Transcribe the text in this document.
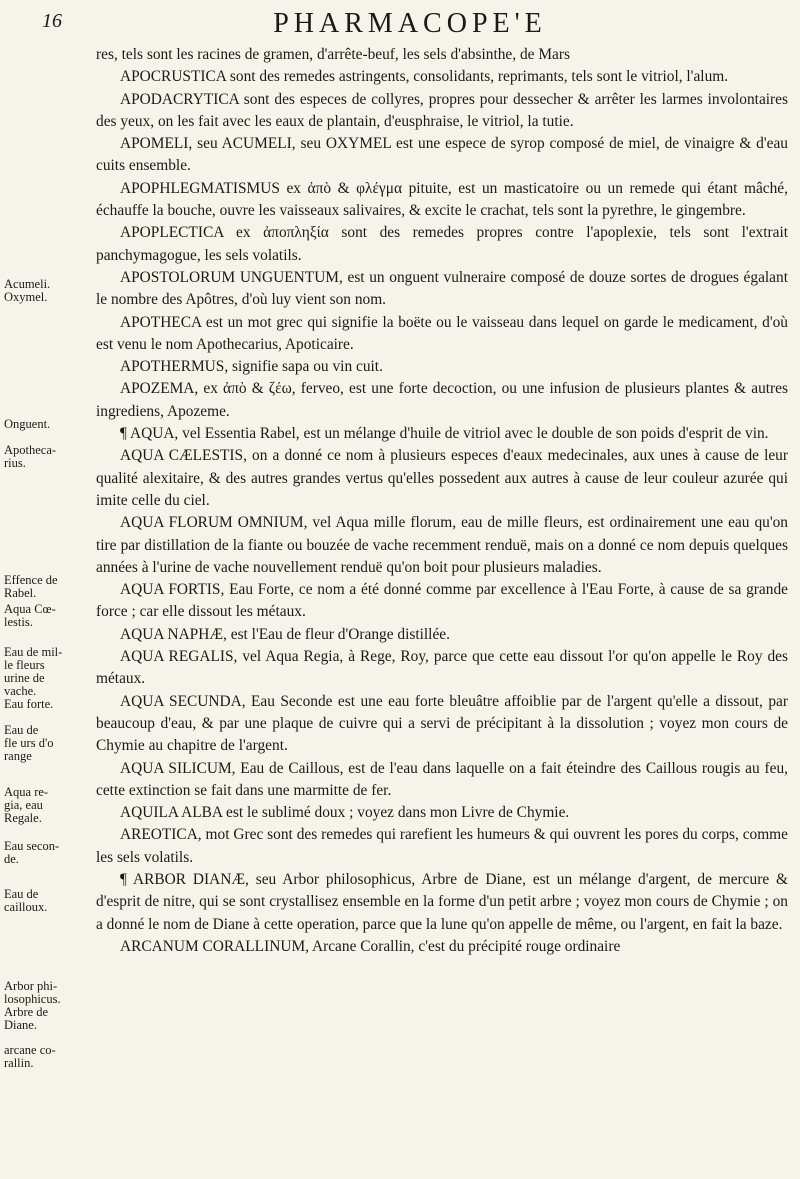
16	PHARMACOPE'E
Acumeli.
Oxymel.
Onguent.
Apotheca-
rius.
Effence de
Rabel.
Aqua Cœ-
lestis.
Eau de mil-
le fleurs
urine de
vache.
Eau forte.
Eau de
fle urs d'o
range
Aqua re-
gia, eau
Regale.
Eau secon-
de.
Eau de
cailloux.
Arbor phi-
losophicus.
Arbre de
Diane.
arcane co-
rallin.

res, tels sont les racines de gramen, d'arrête-beuf, les sels d'absinthe, de Mars

APOCRUSTICA sont des remedes astringents, consolidants, reprimants, tels sont le vitriol, l'alum.

APODACRYTICA sont des especes de collyres, propres pour dessecher & arrêter les larmes involontaires des yeux, on les fait avec les eaux de plantain, d'eusphraise, le vitriol, la tutie.

APOMELI, seu ACUMELI, seu OXYMEL est une espece de syrop composé de miel, de vinaigre & d'eau cuits ensemble.

APOPHLEGMATISMUS ex ἀπὸ & φλέγμα pituite, est un masticatoire ou un remede qui étant mâché, échauffe la bouche, ouvre les vaisseaux salivaires, & excite le crachat, tels sont la pyrethre, le gingembre.

APOPLECTICA ex ἀποπληξία sont des remedes propres contre l'apoplexie, tels sont l'extrait panchymagogue, les sels volatils.

APOSTOLORUM UNGUENTUM, est un onguent vulneraire composé de douze sortes de drogues égalant le nombre des Apôtres, d'où luy vient son nom.

APOTHECA est un mot grec qui signifie la boëte ou le vaisseau dans lequel on garde le medicament, d'où est venu le nom Apothecarius, Apoticaire.

APOTHERMUS, signifie sapa ou vin cuit.

APOZEMA, ex ἀπὸ & ζέω, ferveo, est une forte decoction, ou une infusion de plusieurs plantes & autres ingrediens, Apozeme.

¶ AQUA, vel Essentia Rabel, est un mélange d'huile de vitriol avec le double de son poids d'esprit de vin.

AQUA CÆLESTIS, on a donné ce nom à plusieurs especes d'eaux medecinales, aux unes à cause de leur qualité alexitaire, & des autres grandes vertus qu'elles possedent aux autres à cause de leur couleur azurée qui imite celle du ciel.

AQUA FLORUM OMNIUM, vel Aqua mille florum, eau de mille fleurs, est ordinairement une eau qu'on tire par distillation de la fiante ou bouzée de vache recemment renduë, mais on a donné ce nom depuis quelques années à l'urine de vache nouvellement renduë qu'on boit pour plusieurs maladies.

AQUA FORTIS, Eau Forte, ce nom a été donné comme par excellence à l'Eau Forte, à cause de sa grande force ; car elle dissout les métaux.

AQUA NAPHÆ, est l'Eau de fleur d'Orange distillée.

AQUA REGALIS, vel Aqua Regia, à Rege, Roy, parce que cette eau dissout l'or qu'on appelle le Roy des métaux.

AQUA SECUNDA, Eau Seconde est une eau forte bleuâtre affoiblie par de l'argent qu'elle a dissout, par beaucoup d'eau, & par une plaque de cuivre qui a servi de précipitant à la dissolution ; voyez mon cours de Chymie au chapitre de l'argent.

AQUA SILICUM, Eau de Caillous, est de l'eau dans laquelle on a fait éteindre des Caillous rougis au feu, cette extinction se fait dans une marmitte de fer.

AQUILA ALBA est le sublimé doux ; voyez dans mon Livre de Chymie.

AREOTICA, mot Grec sont des remedes qui rarefient les humeurs & qui ouvrent les pores du corps, comme les sels volatils.

¶ ARBOR DIANÆ, seu Arbor philosophicus, Arbre de Diane, est un mélange d'argent, de mercure & d'esprit de nitre, qui se sont crystallisez ensemble en la forme d'un petit arbre ; voyez mon cours de Chymie ; on a donné le nom de Diane à cette operation, parce que la lune qu'on appelle de même, ou l'argent, en fait la baze.

ARCANUM CORALLINUM, Arcane Corallin, c'est du précipité rouge ordinaire
